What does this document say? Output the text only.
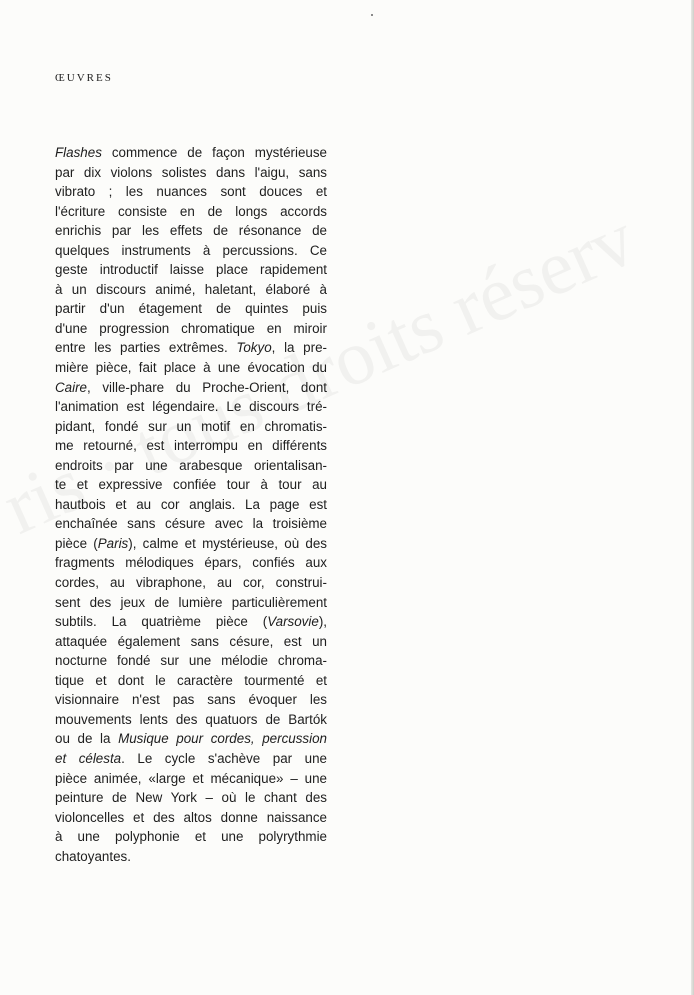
ŒUVRES
Flashes commence de façon mystérieuse
par dix violons solistes dans l'aigu, sans
vibrato ; les nuances sont douces et
l'écriture consiste en de longs accords
enrichis par les effets de résonance de
quelques instruments à percussions. Ce
geste introductif laisse place rapidement
à un discours animé, haletant, élaboré à
partir d'un étagement de quintes puis
d'une progression chromatique en miroir
entre les parties extrêmes. Tokyo, la pre-
mière pièce, fait place à une évocation du
Caire, ville-phare du Proche-Orient, dont
l'animation est légendaire. Le discours tré-
pidant, fondé sur un motif en chromatis-
me retourné, est interrompu en différents
endroits par une arabesque orientalisan-
te et expressive confiée tour à tour au
hautbois et au cor anglais. La page est
enchaînée sans césure avec la troisième
pièce (Paris), calme et mystérieuse, où des
fragments mélodiques épars, confiés aux
cordes, au vibraphone, au cor, construi-
sent des jeux de lumière particulièrement
subtils. La quatrième pièce (Varsovie),
attaquée également sans césure, est un
nocturne fondé sur une mélodie chroma-
tique et dont le caractère tourmenté et
visionnaire n'est pas sans évoquer les
mouvements lents des quatuors de Bartók
ou de la Musique pour cordes, percussion
et célesta. Le cycle s'achève par une
pièce animée, «large et mécanique» – une
peinture de New York – où le chant des
violoncelles et des altos donne naissance
à une polyphonie et une polyrythmie
chatoyantes.
